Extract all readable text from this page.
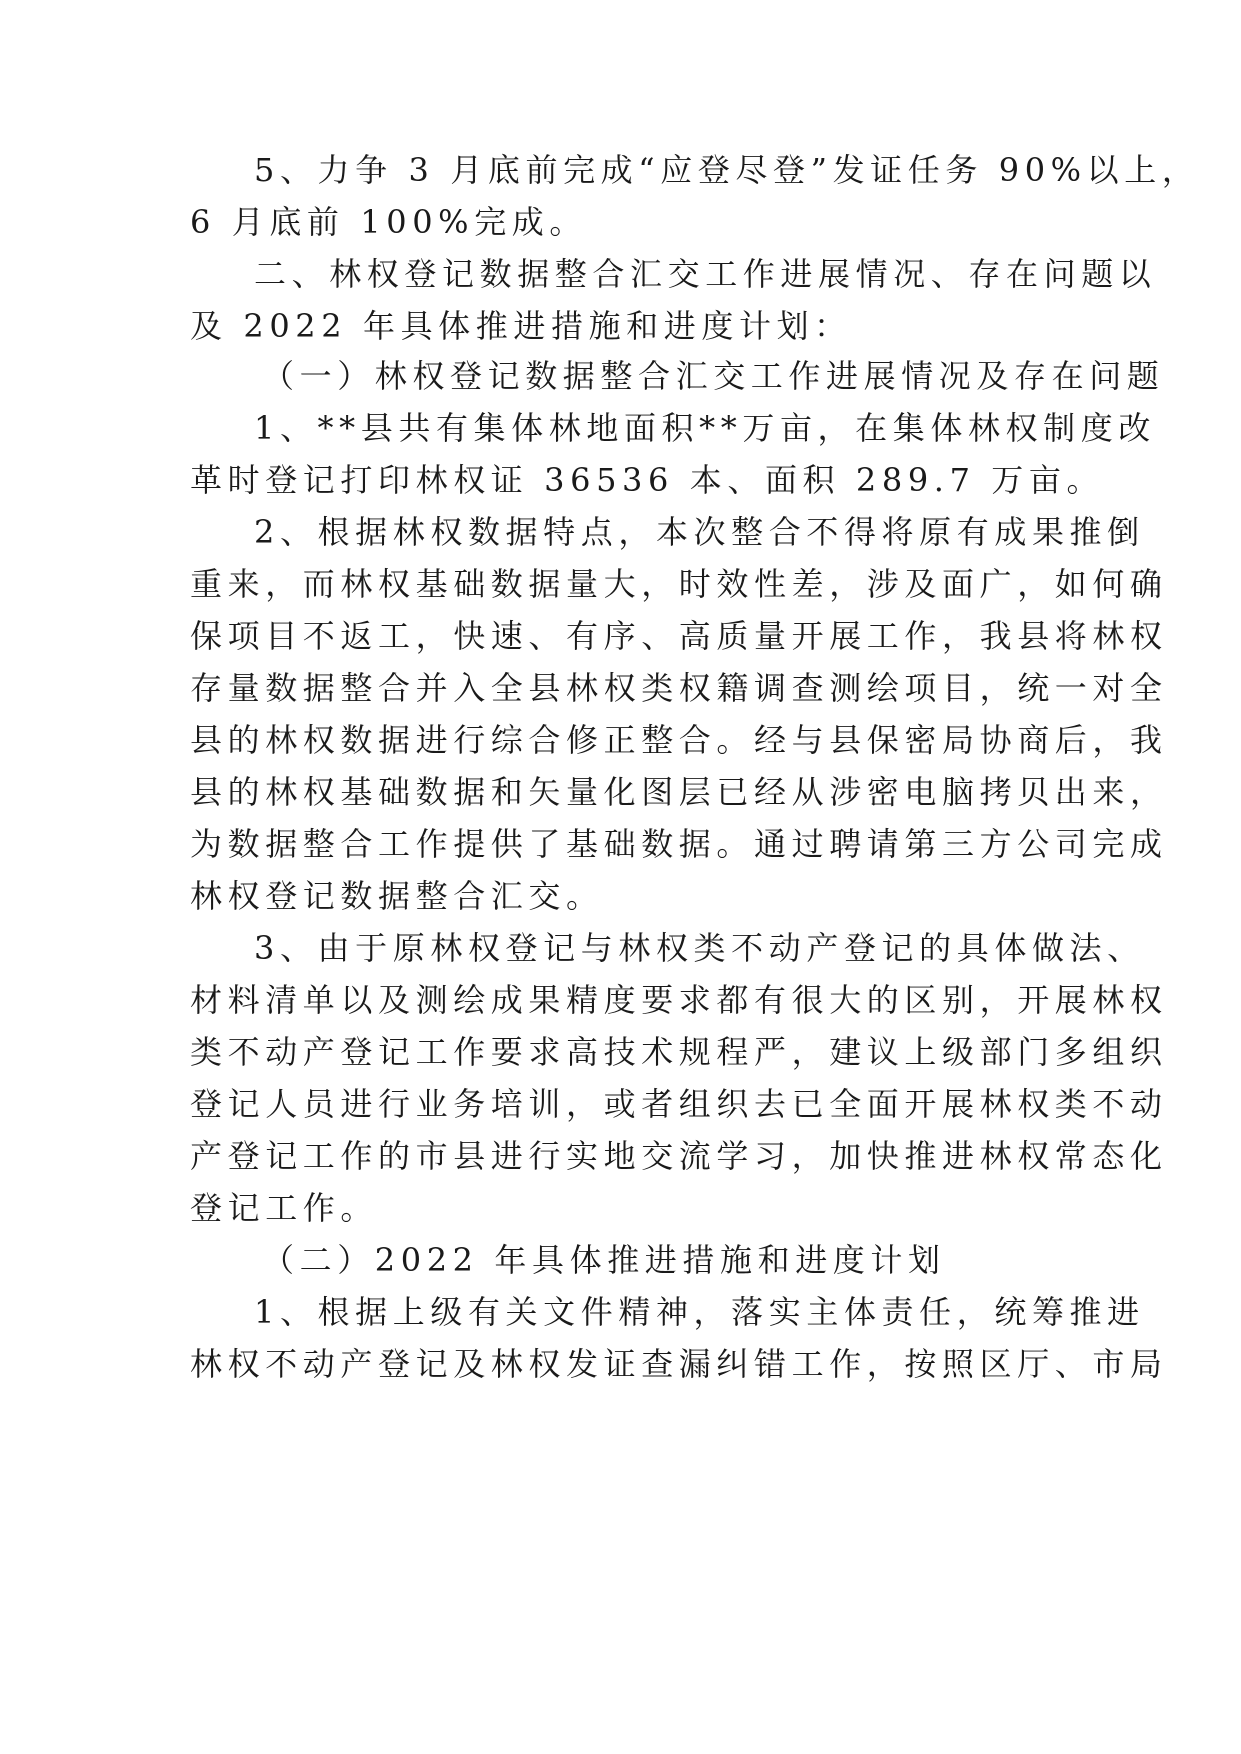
5、力争 3 月底前完成“应登尽登”发证任务 90%以上，
6 月底前 100%完成。
二、林权登记数据整合汇交工作进展情况、存在问题以
及 2022 年具体推进措施和进度计划：
（一）林权登记数据整合汇交工作进展情况及存在问题
1、**县共有集体林地面积**万亩，在集体林权制度改
革时登记打印林权证 36536 本、面积 289.7 万亩。
2、根据林权数据特点，本次整合不得将原有成果推倒
重来，而林权基础数据量大，时效性差，涉及面广，如何确
保项目不返工，快速、有序、高质量开展工作，我县将林权
存量数据整合并入全县林权类权籍调查测绘项目，统一对全
县的林权数据进行综合修正整合。经与县保密局协商后，我
县的林权基础数据和矢量化图层已经从涉密电脑拷贝出来，
为数据整合工作提供了基础数据。通过聘请第三方公司完成
林权登记数据整合汇交。
3、由于原林权登记与林权类不动产登记的具体做法、
材料清单以及测绘成果精度要求都有很大的区别，开展林权
类不动产登记工作要求高技术规程严，建议上级部门多组织
登记人员进行业务培训，或者组织去已全面开展林权类不动
产登记工作的市县进行实地交流学习，加快推进林权常态化
登记工作。
（二）2022 年具体推进措施和进度计划
1、根据上级有关文件精神，落实主体责任，统筹推进
林权不动产登记及林权发证查漏纠错工作，按照区厅、市局
